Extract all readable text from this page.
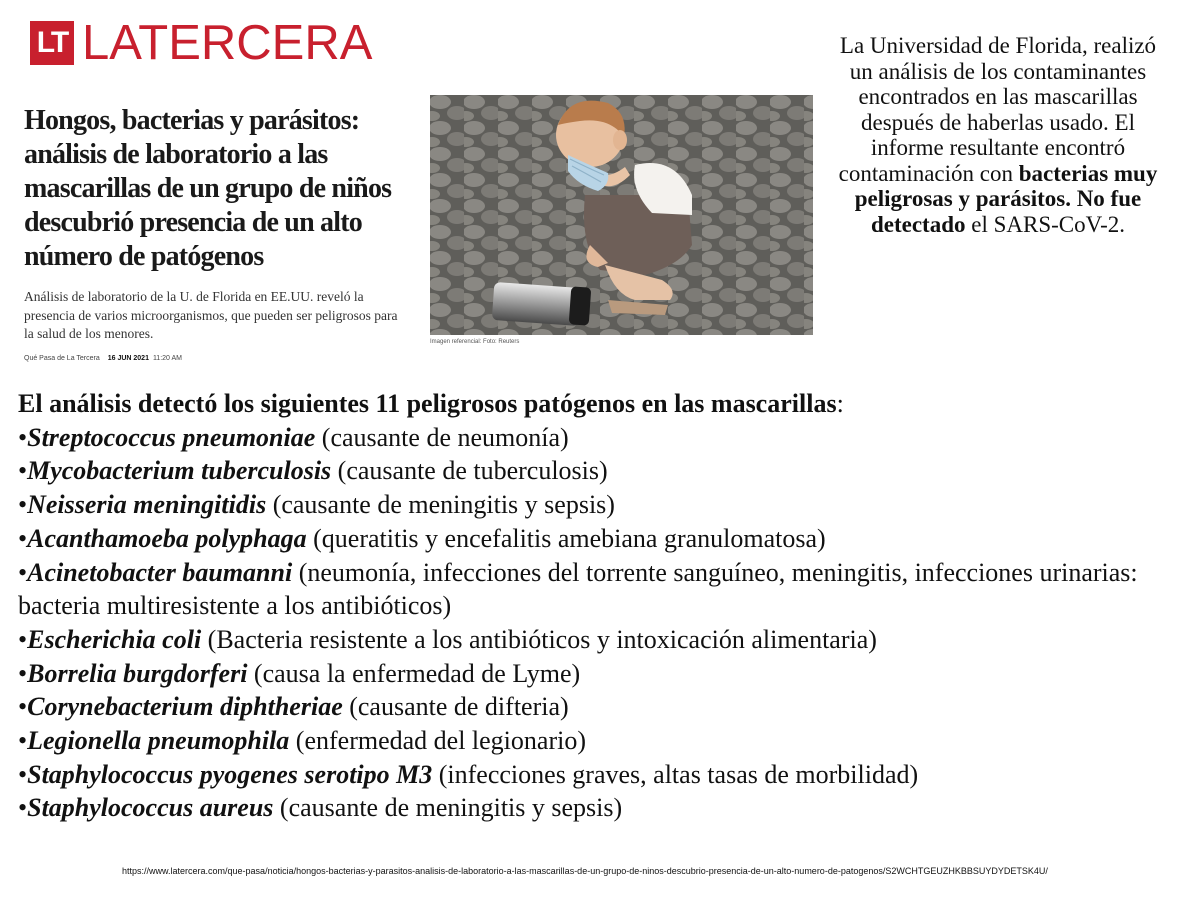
LT LATERCERA
Hongos, bacterias y parásitos: análisis de laboratorio a las mascarillas de un grupo de niños descubrió presencia de un alto número de patógenos
Análisis de laboratorio de la U. de Florida en EE.UU. reveló la presencia de varios microorganismos, que pueden ser peligrosos para la salud de los menores.
Qué Pasa de La Tercera 16 JUN 2021 11:20 AM
Imagen referencial: Foto: Reuters
La Universidad de Florida, realizó un análisis de los contaminantes encontrados en las mascarillas después de haberlas usado. El informe resultante encontró contaminación con bacterias muy peligrosas y parásitos. No fue detectado el SARS-CoV-2.
El análisis detectó los siguientes 11 peligrosos patógenos en las mascarillas:
•Streptococcus pneumoniae (causante de neumonía)
•Mycobacterium tuberculosis (causante de tuberculosis)
•Neisseria meningitidis (causante de meningitis y sepsis)
•Acanthamoeba polyphaga (queratitis y encefalitis amebiana granulomatosa)
•Acinetobacter baumanni (neumonía, infecciones del torrente sanguíneo, meningitis, infecciones urinarias: bacteria multiresistente a los antibióticos)
•Escherichia coli (Bacteria resistente a los antibióticos y intoxicación alimentaria)
•Borrelia burgdorferi (causa la enfermedad de Lyme)
•Corynebacterium diphtheriae (causante de difteria)
•Legionella pneumophila (enfermedad del legionario)
•Staphylococcus pyogenes serotipo M3 (infecciones graves, altas tasas de morbilidad)
•Staphylococcus aureus (causante de meningitis y sepsis)
https://www.latercera.com/que-pasa/noticia/hongos-bacterias-y-parasitos-analisis-de-laboratorio-a-las-mascarillas-de-un-grupo-de-ninos-descubrio-presencia-de-un-alto-numero-de-patogenos/S2WCHTGEUZHKBBSUYDYDETSK4U/
